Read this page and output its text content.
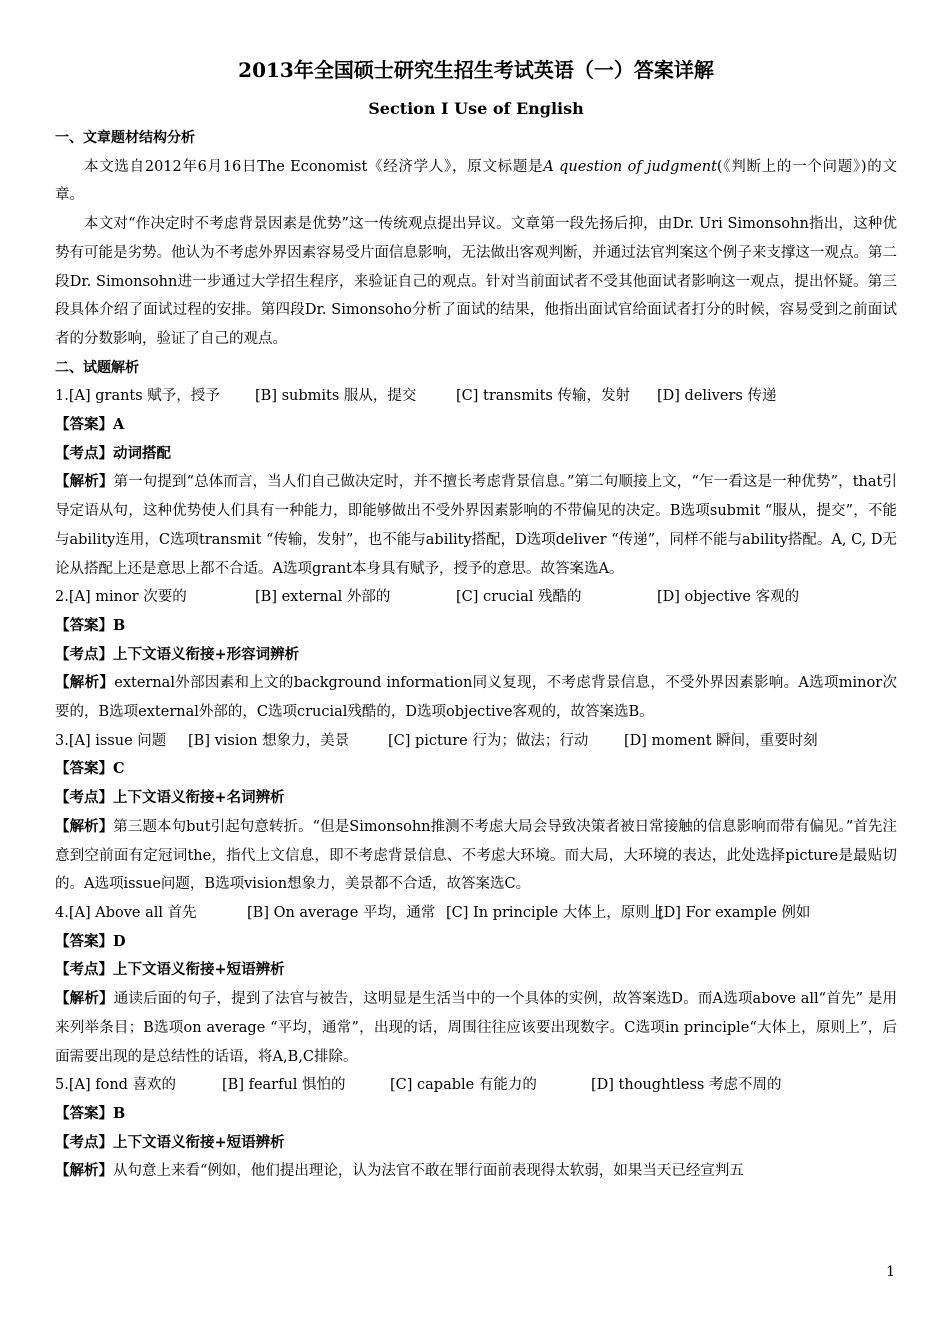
2013年全国硕士研究生招生考试英语（一）答案详解
Section I Use of English
一、文章题材结构分析
本文选自2012年6月16日The Economist《经济学人》，原文标题是A question of judgment(《判断上的一个问题》)的文章。
本文对“作决定时不考虑背景因素是优势”这一传统观点提出异议。文章第一段先扬后抑，由Dr. Uri Simonsohn指出，这种优势有可能是劣势。他认为不考虑外界因素容易受片面信息影响，无法做出客观判断，并通过法官判案这个例子来支撑这一观点。第二段Dr. Simonsohn进一步通过大学招生程序，来验证自己的观点。针对当前面试者不受其他面试者影响这一观点，提出怀疑。第三段具体介绍了面试过程的安排。第四段Dr. Simonsoho分析了面试的结果，他指出面试官给面试者打分的时候，容易受到之前面试者的分数影响，验证了自己的观点。
二、试题解析
1.[A] grants 赋予，授予 [B] submits 服从，提交	[C] transmits 传输，发射 [D] delivers 传递
【答案】A
【考点】动词搭配
【解析】第一句提到“总体而言，当人们自己做决定时，并不擅长考虑背景信息。”第二句顺接上文，“乍一看这是一种优势”，that引导定语从句，这种优势使人们具有一种能力，即能够做出不受外界因素影响的不带偏见的决定。B选项submit “服从，提交”，不能与ability连用，C选项transmit “传输，发射”，也不能与ability搭配，D选项deliver “传递”，同样不能与ability搭配。A, C, D无论从搭配上还是意思上都不合适。A选项grant本身具有赋予，授予的意思。故答案选A。
2.[A] minor 次要的	[B] external 外部的	[C] crucial 残酷的	[D] objective 客观的
【答案】B
【考点】上下文语义衔接+形容词辨析
【解析】external外部因素和上文的background information同义复现，不考虑背景信息，不受外界因素影响。A选项minor次要的，B选项external外部的，C选项crucial残酷的，D选项objective客观的，故答案选B。
3.[A] issue 问题 [B] vision 想象力，美景	[C] picture 行为；做法；行动 [D] moment 瞬间，重要时刻
【答案】C
【考点】上下文语义衔接+名词辨析
【解析】第三题本句but引起句意转折。“但是Simonsohn推测不考虑大局会导致决策者被日常接触的信息影响而带有偏见。”首先注意到空前面有定冠词the，指代上文信息，即不考虑背景信息、不考虑大环境。而大局，大环境的表达，此处选择picture是最贴切的。A选项issue问题，B选项vision想象力，美景都不合适，故答案选C。
4.[A] Above all 首先	[B] On average 平均，通常 [C] In principle 大体上，原则上[D] For example 例如
【答案】D
【考点】上下文语义衔接+短语辨析
【解析】通读后面的句子，提到了法官与被告，这明显是生活当中的一个具体的实例，故答案选D。而A选项above all“首先” 是用来列举条目；B选项on average “平均，通常”，出现的话，周围往往应该要出现数字。C选项in principle“大体上，原则上”，后面需要出现的是总结性的话语，将A,B,C排除。
5.[A] fond 喜欢的	[B] fearful 惧怕的	[C] capable 有能力的	[D] thoughtless 考虑不周的
【答案】B
【考点】上下文语义衔接+短语辨析
【解析】从句意上来看“例如，他们提出理论，认为法官不敢在罪行面前表现得太软弱，如果当天已经宣判五
1
